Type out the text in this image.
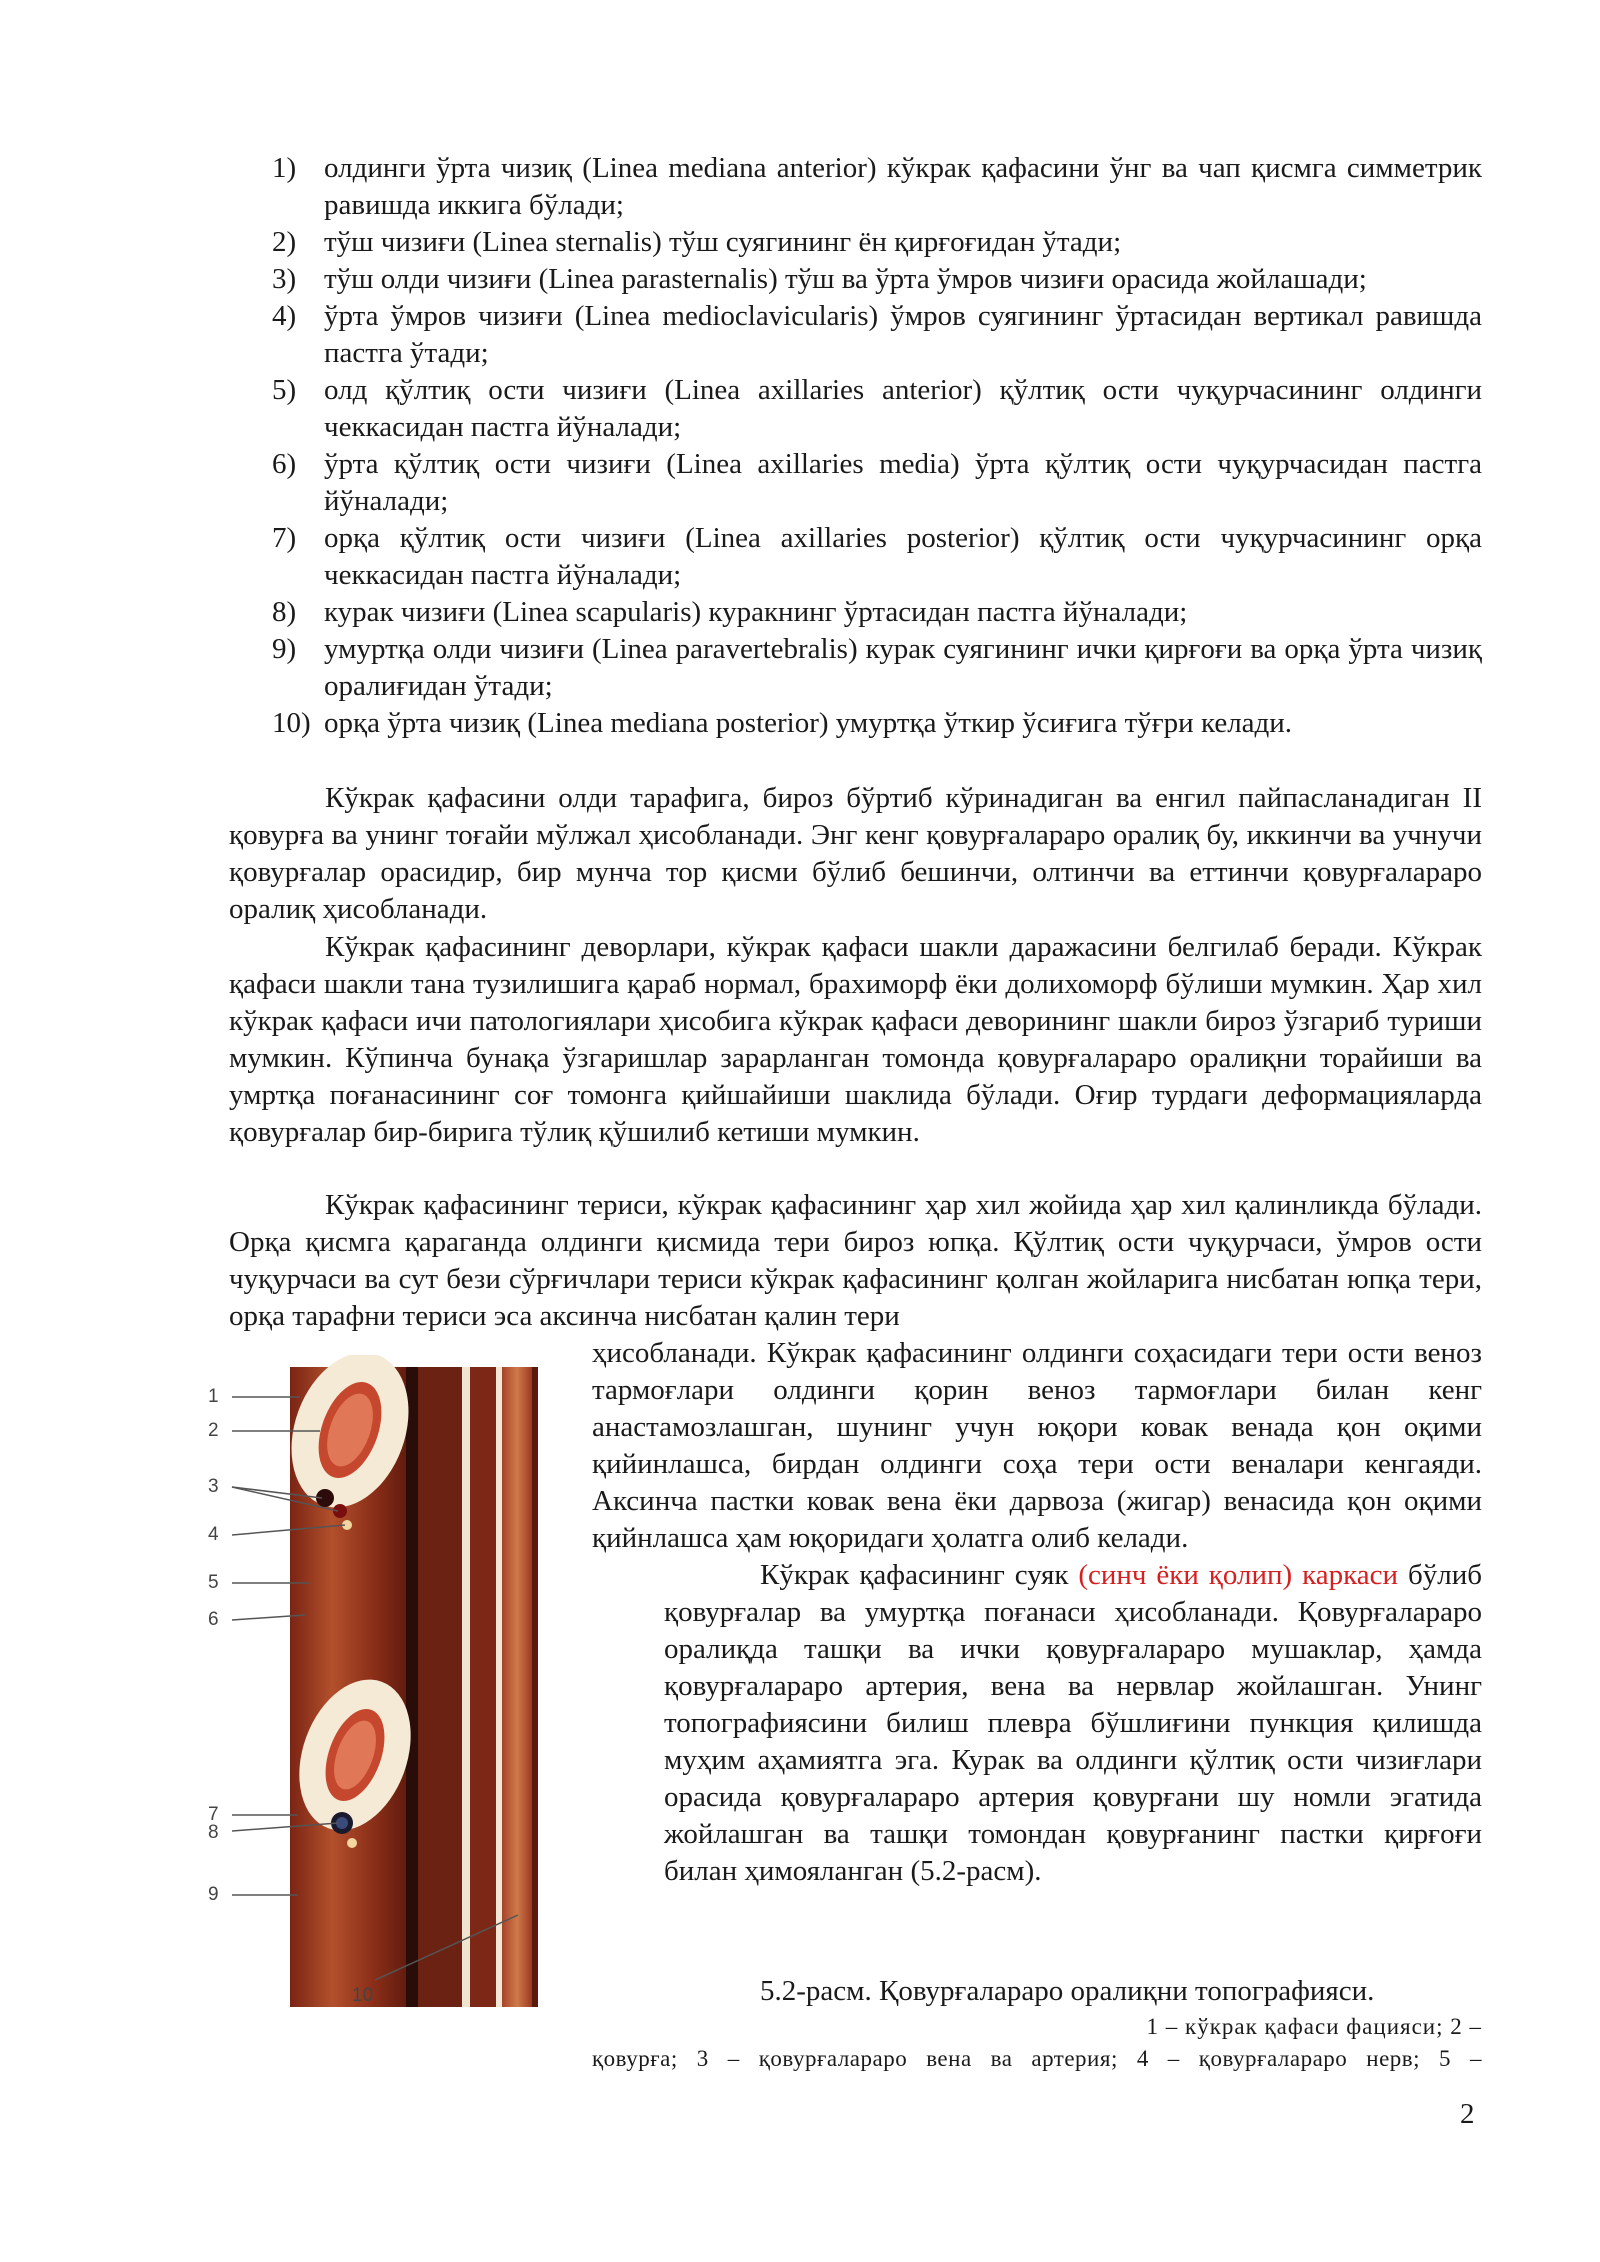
1) олдинги ўрта чизиқ (Linea mediana anterior) кўкрак қафасини ўнг ва чап қисмга симметрик равишда иккига бўлади;
2) тўш чизиғи (Linea sternalis) тўш суягининг ён қирғоғидан ўтади;
3) тўш олди чизиғи (Linea parasternalis) тўш ва ўрта ўмров чизиғи орасида жойлашади;
4) ўрта ўмров чизиғи (Linea medioclavicularis) ўмров суягининг ўртасидан вертикал равишда пастга ўтади;
5) олд қўлтиқ ости чизиғи (Linea axillaries anterior) қўлтиқ ости чуқурчасининг олдинги чеккасидан пастга йўналади;
6) ўрта қўлтиқ ости чизиғи (Linea axillaries media) ўрта қўлтиқ ости чуқурчасидан пастга йўналади;
7) орқа қўлтиқ ости чизиғи (Linea axillaries posterior) қўлтиқ ости чуқурчасининг орқа чеккасидан пастга йўналади;
8) курак чизиғи (Linea scapularis) куракнинг ўртасидан пастга йўналади;
9) умуртқа олди чизиғи (Linea paravertebralis) курак суягининг ички қирғоғи ва орқа ўрта чизиқ оралиғидан ўтади;
10) орқа ўрта чизиқ (Linea mediana posterior) умуртқа ўткир ўсиғига тўғри келади.

Кўкрак қафасини олди тарафига, бироз бўртиб кўринадиган ва енгил пайпасланадиган II қовурға ва унинг тоғайи мўлжал ҳисобланади. Энг кенг қовурғалараро оралиқ бу, иккинчи ва учнучи қовурғалар орасидир, бир мунча тор қисми бўлиб бешинчи, олтинчи ва еттинчи қовурғалараро оралиқ ҳисобланади.

Кўкрак қафасининг деворлари, кўкрак қафаси шакли даражасини белгилаб беради. Кўкрак қафаси шакли тана тузилишига қараб нормал, брахиморф ёки долихоморф бўлиши мумкин. Ҳар хил кўкрак қафаси ичи патологиялари ҳисобига кўкрак қафаси деворининг шакли бироз ўзгариб туриши мумкин. Кўпинча бунақа ўзгаришлар зарарланган томонда қовурғалараро оралиқни торайиши ва умртқа поғанасининг соғ томонга қийшайиши шаклида бўлади. Оғир турдаги деформацияларда қовурғалар бир-бирига тўлиқ қўшилиб кетиши мумкин.

Кўкрак қафасининг териси, кўкрак қафасининг ҳар хил жойида ҳар хил қалинликда бўлади. Орқа қисмга қараганда олдинги қисмида тери бироз юпқа. Қўлтиқ ости чуқурчаси, ўмров ости чуқурчаси ва сут бези сўрғичлари териси кўкрак қафасининг қолган жойларига нисбатан юпқа тери, орқа тарафни териси эса аксинча нисбатан қалин тери

ҳисобланади. Кўкрак қафасининг олдинги соҳасидаги тери ости веноз тармоғлари олдинги қорин веноз тармоғлари билан кенг анастамозлашган, шунинг учун юқори ковак венада қон оқими қийинлашса, бирдан олдинги соҳа тери ости веналари кенгаяди. Аксинча пастки ковак вена ёки дарвоза (жигар) венасида қон оқими қийнлашса ҳам юқоридаги ҳолатга олиб келади.

Кўкрак қафасининг суяк (синч ёки қолип) каркаси бўлиб қовурғалар ва умуртқа поғанаси ҳисобланади. Қовурғалараро оралиқда ташқи ва ички қовурғалараро мушаклар, ҳамда қовурғалараро артерия, вена ва нервлар жойлашган. Унинг топографиясини билиш плевра бўшлиғини пункция қилишда муҳим аҳамиятга эга. Курак ва олдинги қўлтиқ ости чизиғлари орасида қовурғалараро артерия қовурғани шу номли эгатида жойлашган ва ташқи томондан қовурғанинг пастки қирғоғи билан ҳимояланган (5.2-расм).

1
2
3
4
5
6
7
8
9
10	5.2-расм. Қовурғалараро оралиқни топографияси.
1 – кўкрак қафаси фацияси; 2 –
қовурға; 3 – қовурғалараро вена ва артерия; 4 – қовурғалараро нерв; 5 –
2
